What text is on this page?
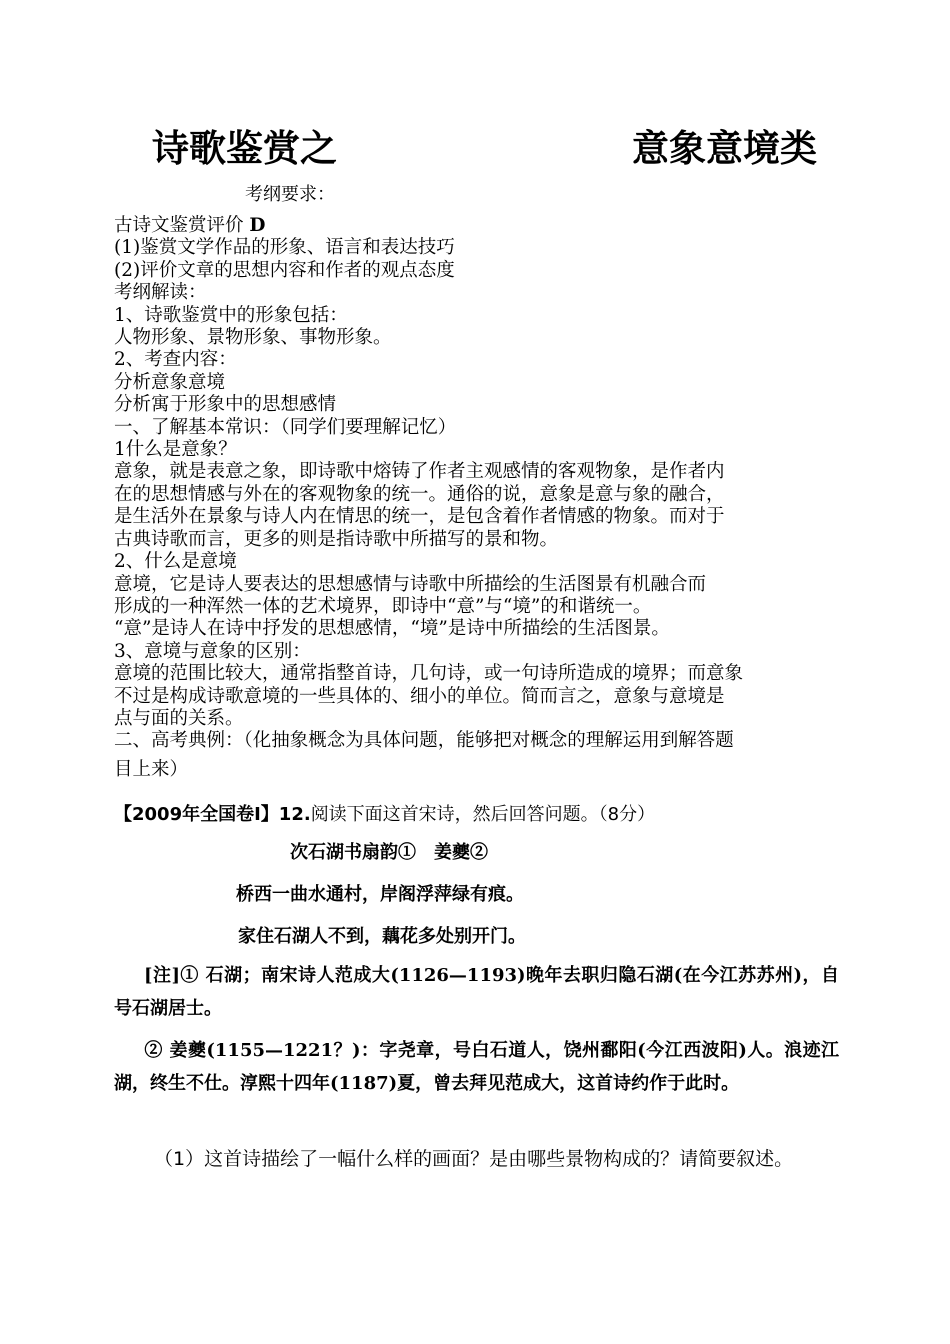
诗歌鉴赏之	意象意境类
考纲要求：

古诗文鉴赏评价 D

(1)鉴赏文学作品的形象、语言和表达技巧

(2)评价文章的思想内容和作者的观点态度

考纲解读：

1、诗歌鉴赏中的形象包括：

人物形象、景物形象、事物形象。

2、考查内容：

分析意象意境

分析寓于形象中的思想感情

一、了解基本常识：（同学们要理解记忆）

1什么是意象？

意象，就是表意之象，即诗歌中熔铸了作者主观感情的客观物象，是作者内

在的思想情感与外在的客观物象的统一。通俗的说，意象是意与象的融合，

是生活外在景象与诗人内在情思的统一，是包含着作者情感的物象。而对于

古典诗歌而言，更多的则是指诗歌中所描写的景和物。

2、什么是意境

意境，它是诗人要表达的思想感情与诗歌中所描绘的生活图景有机融合而

形成的一种浑然一体的艺术境界，即诗中“意”与“境”的和谐统一。

“意”是诗人在诗中抒发的思想感情，“境”是诗中所描绘的生活图景。

3、意境与意象的区别：

意境的范围比较大，通常指整首诗，几句诗，或一句诗所造成的境界；而意象

不过是构成诗歌意境的一些具体的、细小的单位。简而言之，意象与意境是

点与面的关系。

二、高考典例：（化抽象概念为具体问题，能够把对概念的理解运用到解答题

目上来）

【2009年全国卷Ⅰ】12.阅读下面这首宋诗，然后回答问题。（8分）
次石湖书扇韵①　姜夔②
桥西一曲水通村，岸阁浮萍绿有痕。
家住石湖人不到，藕花多处别开门。
[注]① 石湖；南宋诗人范成大(1126—1193)晚年去职归隐石湖(在今江苏苏州)，自号石湖居士。
② 姜夔(1155—1221？)：字尧章，号白石道人，饶州鄱阳(今江西波阳)人。浪迹江湖，终生不仕。淳熙十四年(1187)夏，曾去拜见范成大，这首诗约作于此时。
（1）这首诗描绘了一幅什么样的画面？是由哪些景物构成的？请简要叙述。
